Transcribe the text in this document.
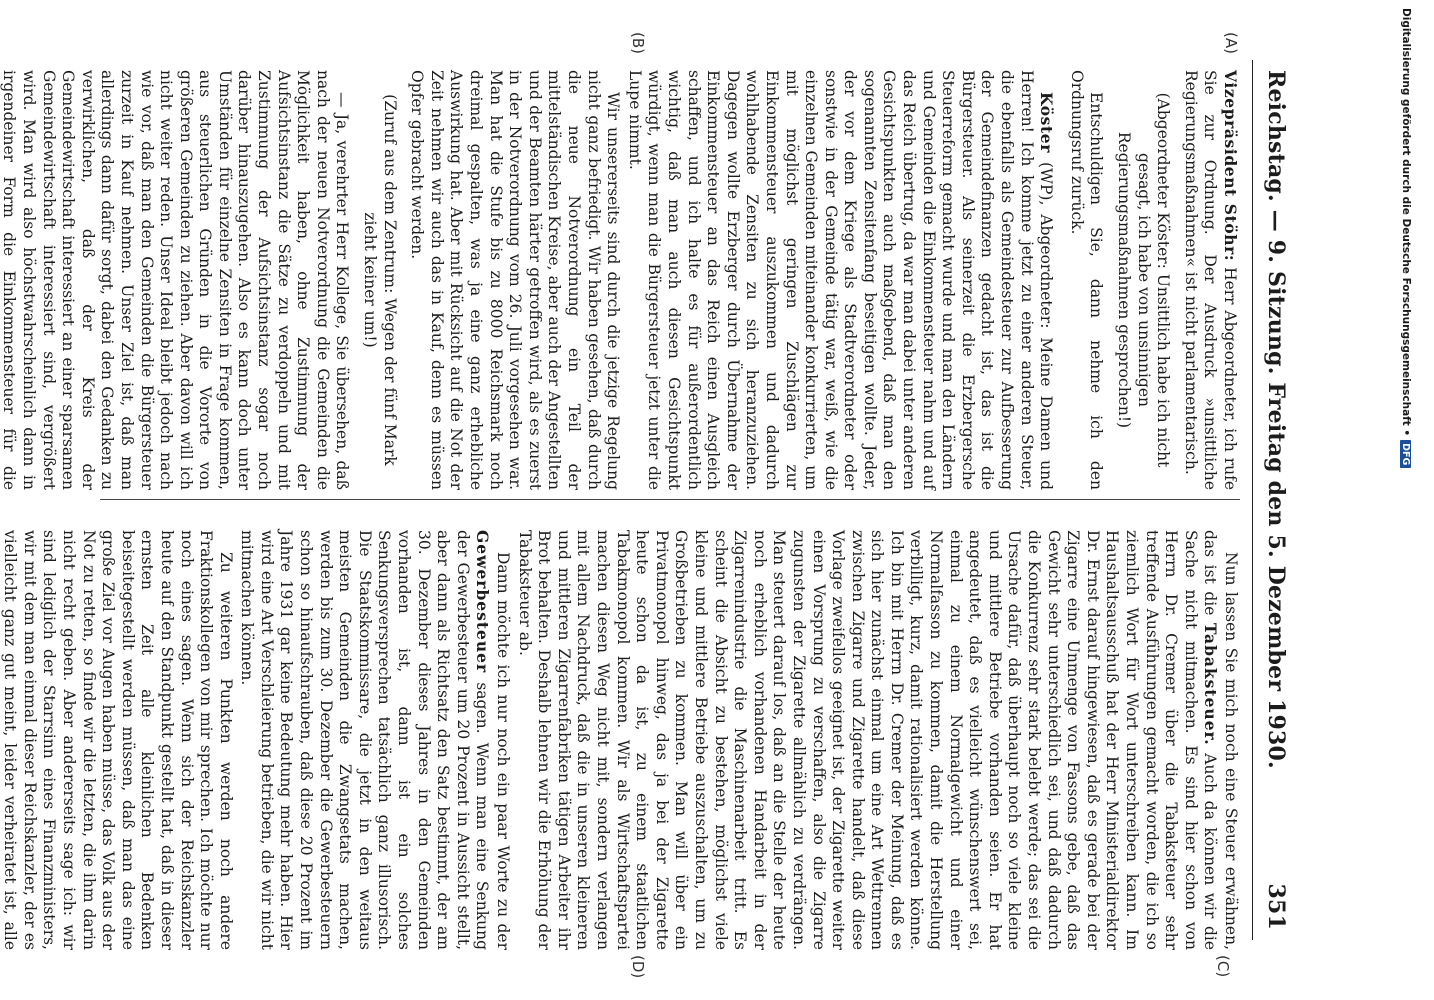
Reichstag. — 9. Sitzung. Freitag den 5. Dezember 1930.
351
(A)
(B)
(C)
(D)

Vizepräsident Stöhr: Herr Abgeordneter, ich rufe Sie zur Ordnung. Der Ausdruck »unsittliche Regierungsmaßnahmen« ist nicht parlamentarisch.

(Abgeordneter Köster: Unsittlich habe ich nicht gesagt, ich habe von unsinnigen Regierungsmaßnahmen gesprochen!)

Entschuldigen Sie, dann nehme ich den Ordnungsruf zurück.

Köster (WP), Abgeordneter: Meine Damen und Herren! Ich komme jetzt zu einer anderen Steuer, die ebenfalls als Gemeindesteuer zur Aufbesserung der Gemeindefinanzen gedacht ist, das ist die Bürgersteuer. Als seinerzeit die Erzbergersche Steuerreform gemacht wurde und man den Ländern und Gemeinden die Einkommensteuer nahm und auf das Reich übertrug, da war man dabei unter anderen Gesichtspunkten auch maßgebend, daß man den sogenannten Zensitenfang beseitigen wollte. Jeder, der vor dem Kriege als Stadtverordneter oder sonstwie in der Gemeinde tätig war, weiß, wie die einzelnen Gemeinden miteinander konkurrierten, um mit möglichst geringen Zuschlägen zur Einkommensteuer auszukommen und dadurch wohlhabende Zensiten zu sich heranzuziehen. Dagegen wollte Erzberger durch Übernahme der Einkommensteuer an das Reich einen Ausgleich schaffen, und ich halte es für außerordentlich wichtig, daß man auch diesen Gesichtspunkt würdigt, wenn man die Bürgersteuer jetzt unter die Lupe nimmt.

Wir unsererseits sind durch die jetzige Regelung nicht ganz befriedigt. Wir haben gesehen, daß durch die neue Notverordnung ein Teil der mittelständischen Kreise, aber auch der Angestellten und der Beamten härter getroffen wird, als es zuerst in der Notverordnung vom 26. Juli vorgesehen war. Man hat die Stufe bis zu 8000 Reichsmark noch dreimal gespalten, was ja eine ganz erhebliche Auswirkung hat. Aber mit Rücksicht auf die Not der Zeit nehmen wir auch das in Kauf, denn es müssen Opfer gebracht werden.

(Zuruf aus dem Zentrum: Wegen der fünf Mark zieht keiner um!)

— Ja, verehrter Herr Kollege, Sie übersehen, daß nach der neuen Notverordnung die Gemeinden die Möglichkeit haben, ohne Zustimmung der Aufsichtsinstanz die Sätze zu verdoppeln und mit Zustimmung der Aufsichtsinstanz sogar noch darüber hinauszugehen. Also es kann doch unter Umständen für einzelne Zensiten in Frage kommen, aus steuerlichen Gründen in die Vororte von größeren Gemeinden zu ziehen. Aber davon will ich nicht weiter reden. Unser Ideal bleibt jedoch nach wie vor, daß man den Gemeinden die Bürgersteuer zurzeit in Kauf nehmen. Unser Ziel ist, daß man allerdings dann dafür sorgt, dabei den Gedanken zu verwirklichen, daß der Kreis der Gemeindewirtschaft interessiert an einer sparsamen Gemeindewirtschaft interessiert sind, vergrößert wird. Man wird also höchstwahrscheinlich dann in irgendeiner Form die Einkommensteuer für die

Nun lassen Sie mich noch eine Steuer erwähnen, das ist die Tabaksteuer. Auch da können wir die Sache nicht mitmachen. Es sind hier schon von Herrn Dr. Cremer über die Tabaksteuer sehr treffende Ausführungen gemacht worden, die ich so ziemlich Wort für Wort unterschreiben kann. Im Haushaltsausschuß hat der Herr Ministerialdirektor Dr. Ernst darauf hingewiesen, daß es gerade bei der Zigarre eine Unmenge von Fassons gebe, daß das Gewicht sehr unterschiedlich sei, und daß dadurch die Konkurrenz sehr stark belebt werde; das sei die Ursache dafür, daß überhaupt noch so viele kleine und mittlere Betriebe vorhanden seien. Er hat angedeutet, daß es vielleicht wünschenswert sei, einmal zu einem Normalgewicht und einer Normalfasson zu kommen, damit die Herstellung verbilligt, kurz, damit rationalisiert werden könne. Ich bin mit Herrn Dr. Cremer der Meinung, daß es sich hier zunächst einmal um eine Art Wettrennen zwischen Zigarre und Zigarette handelt, daß diese Vorlage zweifellos geeignet ist, der Zigarette weiter einen Vorsprung zu verschaffen, also die Zigarre zugunsten der Zigarette allmählich zu verdrängen. Man steuert darauf los, daß an die Stelle der heute noch erheblich vorhandenen Handarbeit in der Zigarrenindustrie die Maschinenarbeit tritt. Es scheint die Absicht zu bestehen, möglichst viele kleine und mittlere Betriebe auszuschalten, um zu Großbetrieben zu kommen. Man will über ein Privatmonopol hinweg, das ja bei der Zigarette heute schon da ist, zu einem staatlichen Tabakmonopol kommen. Wir als Wirtschaftspartei machen diesen Weg nicht mit, sondern verlangen mit allem Nachdruck, daß die in unseren kleineren und mittleren Zigarrenfabriken tätigen Arbeiter ihr Brot behalten. Deshalb lehnen wir die Erhöhung der Tabaksteuer ab.

Dann möchte ich nur noch ein paar Worte zu der Gewerbesteuer sagen. Wenn man eine Senkung der Gewerbesteuer um 20 Prozent in Aussicht stellt, aber dann als Richtsatz den Satz bestimmt, der am 30. Dezember dieses Jahres in den Gemeinden vorhanden ist, dann ist ein solches Senkungsversprechen tatsächlich ganz illusorisch. Die Staatskommissare, die jetzt in den weitaus meisten Gemeinden die Zwangsetats machen, werden bis zum 30. Dezember die Gewerbesteuern schon so hinaufschrauben, daß diese 20 Prozent im Jahre 1931 gar keine Bedeutung mehr haben. Hier wird eine Art Verschleierung betrieben, die wir nicht mitmachen können.

Zu weiteren Punkten werden noch andere Fraktionskollegen von mir sprechen. Ich möchte nur noch eines sagen. Wenn sich der Reichskanzler heute auf den Standpunkt gestellt hat, daß in dieser ernsten Zeit alle kleinlichen Bedenken beiseitegestellt werden müssen, daß man das eine große Ziel vor Augen haben müsse, das Volk aus der Not zu retten, so finde wir die letzten, die ihm darin nicht recht geben. Aber andererseits sage ich: wir sind lediglich der Starrsinn eines Finanzministers, wir mit dem man einmal dieser Reichskanzler, der es vielleicht ganz gut meint, leider verheiratet ist, alle

Digitalisierung gefördert durch die Deutsche Forschungsgemeinschaft •DFG
